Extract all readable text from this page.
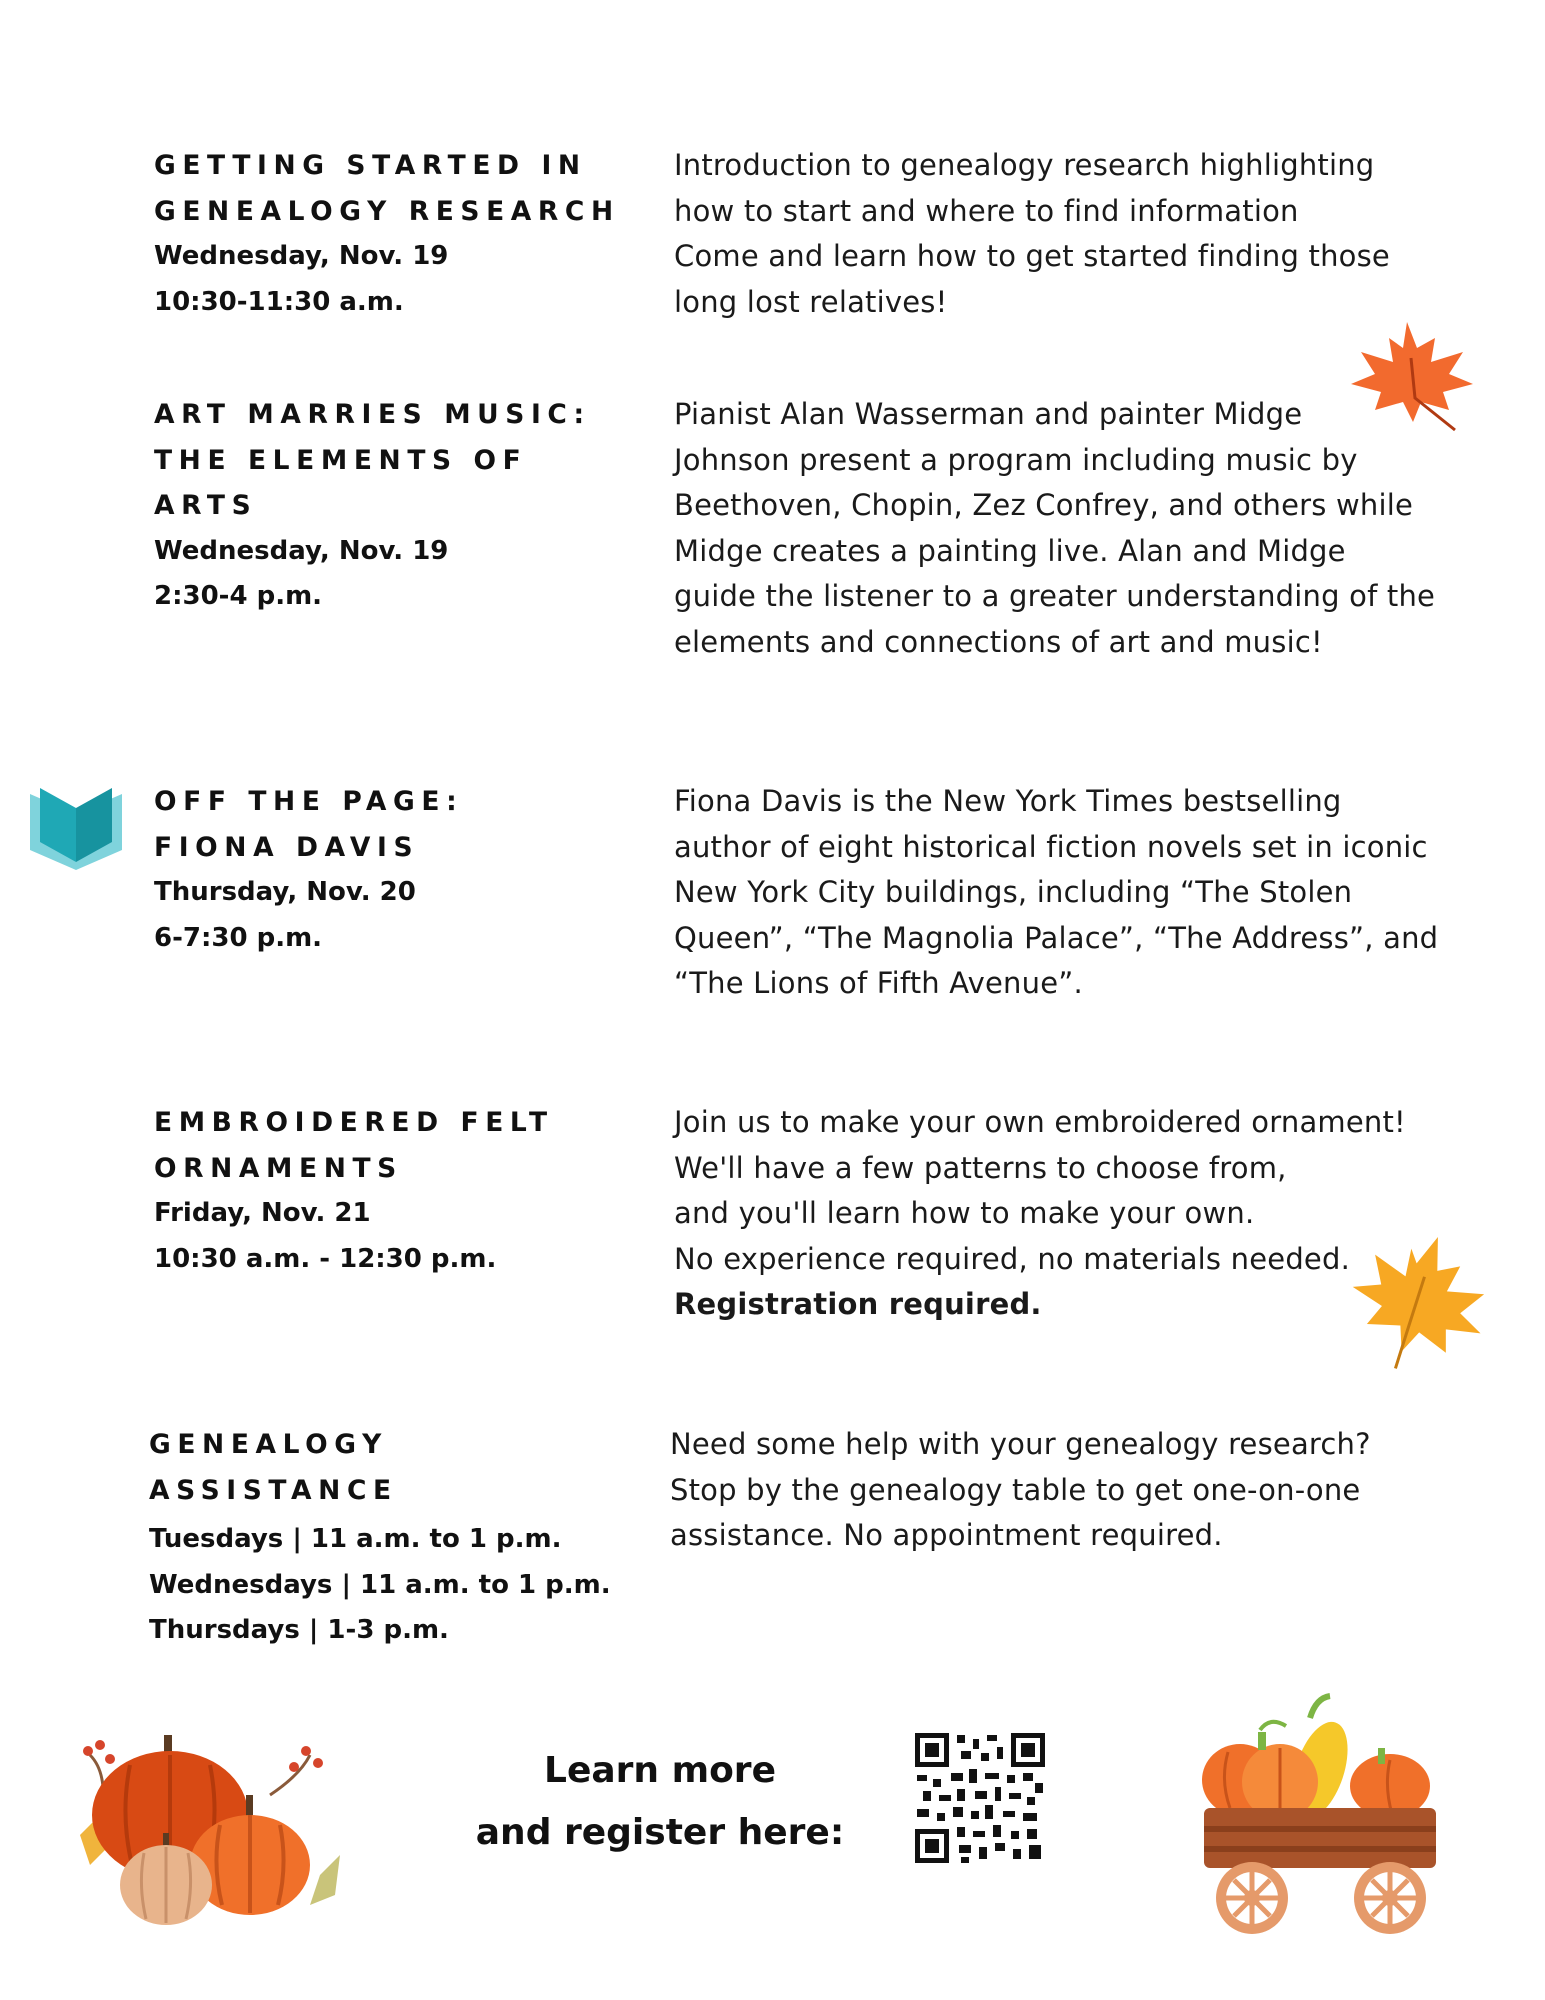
GETTING STARTED IN
GENEALOGY RESEARCH
Wednesday, Nov. 19
10:30-11:30 a.m.
Introduction to genealogy research highlighting
how to start and where to find information
Come and learn how to get started finding those
long lost relatives!
ART MARRIES MUSIC:
THE ELEMENTS OF
ARTS
Wednesday, Nov. 19
2:30-4 p.m.
Pianist Alan Wasserman and painter Midge
Johnson present a program including music by
Beethoven, Chopin, Zez Confrey, and others while
Midge creates a painting live. Alan and Midge
guide the listener to a greater understanding of the
elements and connections of art and music!
OFF THE PAGE:
FIONA DAVIS
Thursday, Nov. 20
6-7:30 p.m.
Fiona Davis is the New York Times bestselling
author of eight historical fiction novels set in iconic
New York City buildings, including “The Stolen
Queen”, “The Magnolia Palace”, “The Address”, and
“The Lions of Fifth Avenue”.
EMBROIDERED FELT
ORNAMENTS
Friday, Nov. 21
10:30 a.m. - 12:30 p.m.
Join us to make your own embroidered ornament!
We'll have a few patterns to choose from,
and you'll learn how to make your own.
No experience required, no materials needed.
Registration required.
GENEALOGY
ASSISTANCE
Tuesdays | 11 a.m. to 1 p.m.
Wednesdays | 11 a.m. to 1 p.m.
Thursdays | 1-3 p.m.
Need some help with your genealogy research?
Stop by the genealogy table to get one-on-one
assistance. No appointment required.
Learn more
and register here:
